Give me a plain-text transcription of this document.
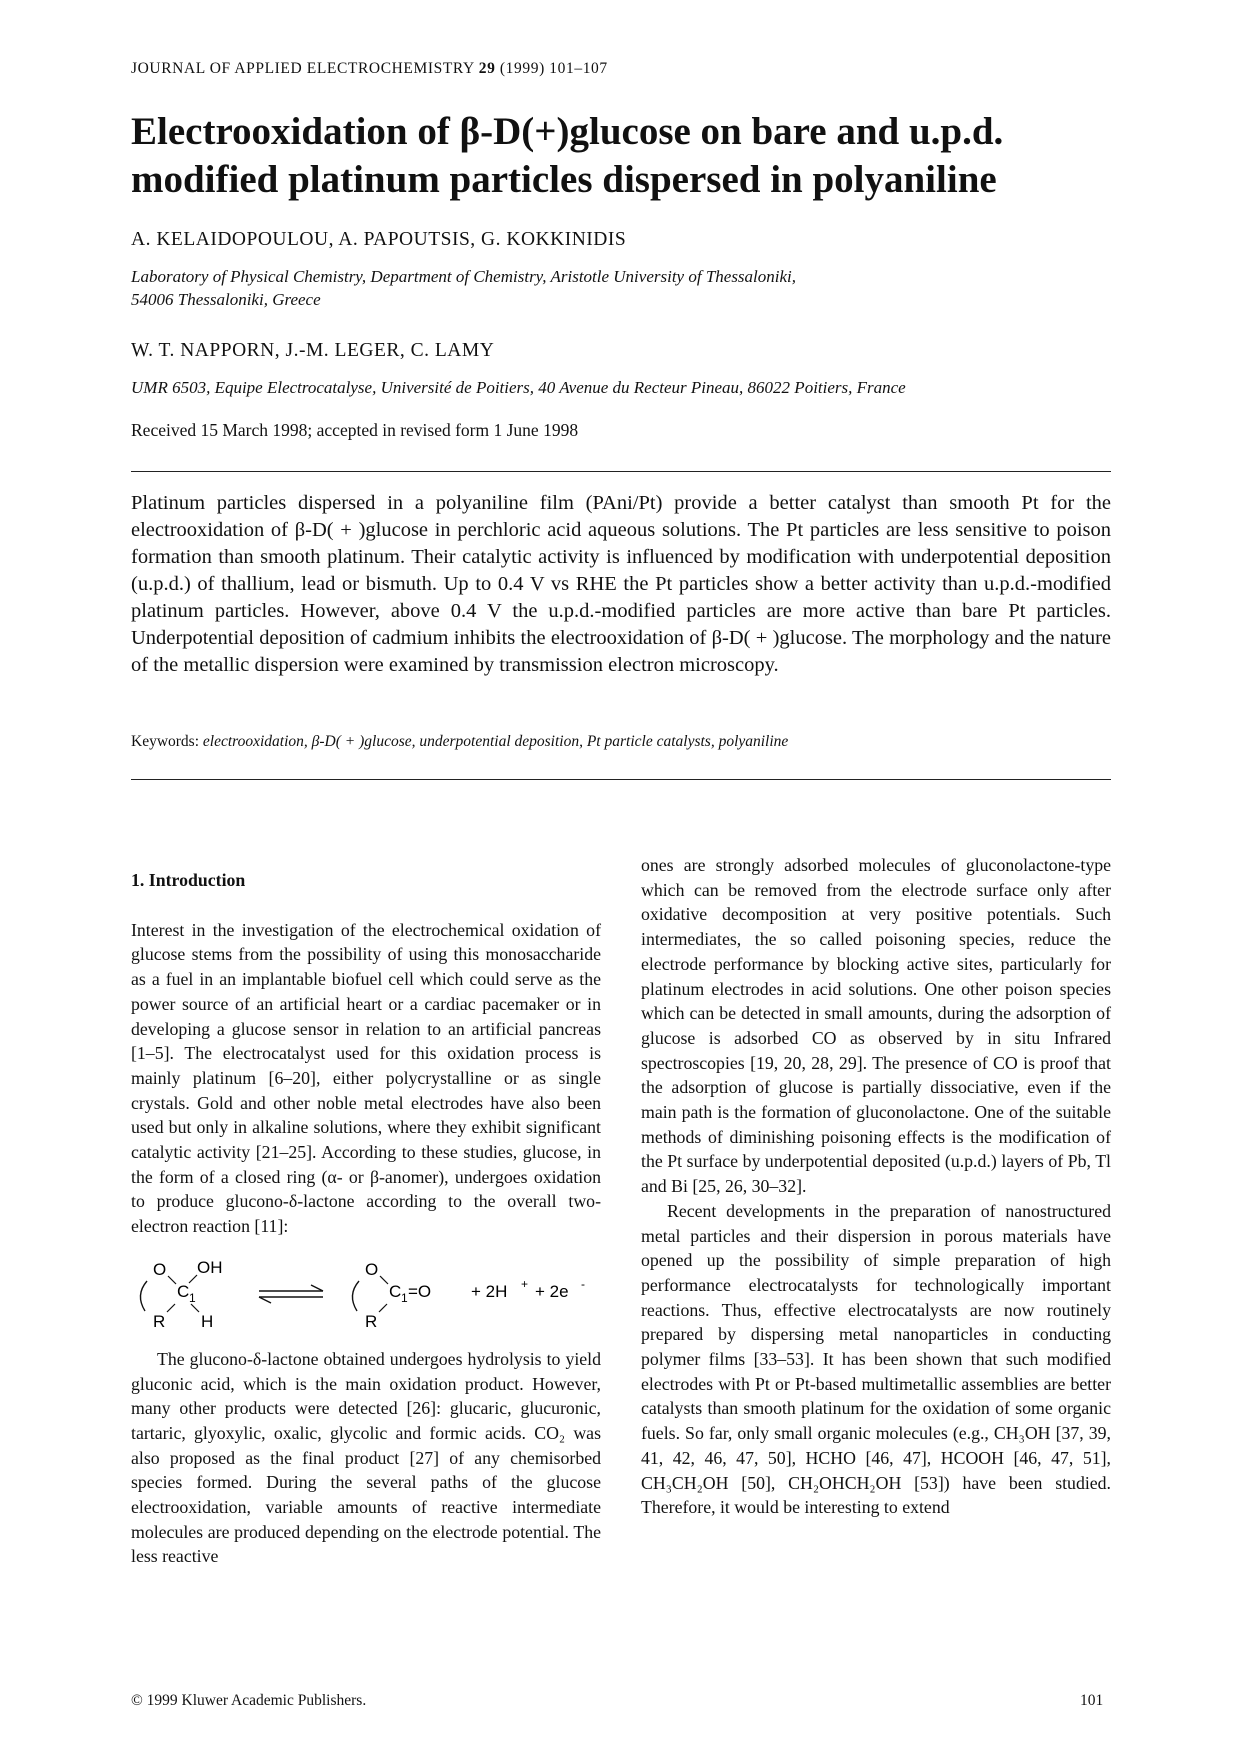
JOURNAL OF APPLIED ELECTROCHEMISTRY 29 (1999) 101–107
Electrooxidation of β-D(+)glucose on bare and u.p.d.
modified platinum particles dispersed in polyaniline
A. KELAIDOPOULOU, A. PAPOUTSIS, G. KOKKINIDIS
Laboratory of Physical Chemistry, Department of Chemistry, Aristotle University of Thessaloniki,
54006 Thessaloniki, Greece
W. T. NAPPORN, J.-M. LEGER, C. LAMY
UMR 6503, Equipe Electrocatalyse, Université de Poitiers, 40 Avenue du Recteur Pineau, 86022 Poitiers, France
Received 15 March 1998; accepted in revised form 1 June 1998
Platinum particles dispersed in a polyaniline film (PAni/Pt) provide a better catalyst than smooth Pt for the electrooxidation of β-D( + )glucose in perchloric acid aqueous solutions. The Pt particles are less sensitive to poison formation than smooth platinum. Their catalytic activity is influenced by modification with underpotential deposition (u.p.d.) of thallium, lead or bismuth. Up to 0.4 V vs RHE the Pt particles show a better activity than u.p.d.-modified platinum particles. However, above 0.4 V the u.p.d.-modified particles are more active than bare Pt particles. Underpotential deposition of cadmium inhibits the electrooxidation of β-D( + )glucose. The morphology and the nature of the metallic dispersion were examined by transmission electron microscopy.
Keywords: electrooxidation, β-D( + )glucose, underpotential deposition, Pt particle catalysts, polyaniline

1. Introduction

Interest in the investigation of the electrochemical oxidation of glucose stems from the possibility of using this monosaccharide as a fuel in an implantable biofuel cell which could serve as the power source of an artificial heart or a cardiac pacemaker or in developing a glucose sensor in relation to an artificial pancreas [1–5]. The electrocatalyst used for this oxidation process is mainly platinum [6–20], either polycrystalline or as single crystals. Gold and other noble metal electrodes have also been used but only in alkaline solutions, where they exhibit significant catalytic activity [21–25]. According to these studies, glucose, in the form of a closed ring (α- or β-anomer), undergoes oxidation to produce glucono-δ-lactone according to the overall two-electron reaction [11]:

O
C 1
OH
R H
O
C 1 =O
R
+ 2H + + 2e -

The glucono-δ-lactone obtained undergoes hydrolysis to yield gluconic acid, which is the main oxidation product. However, many other products were detected [26]: glucaric, glucuronic, tartaric, glyoxylic, oxalic, glycolic and formic acids. CO₂ was also proposed as the final product [27] of any chemisorbed species formed. During the several paths of the glucose electrooxidation, variable amounts of reactive intermediate molecules are produced depending on the electrode potential. The less reactive

ones are strongly adsorbed molecules of gluconolactone-type which can be removed from the electrode surface only after oxidative decomposition at very positive potentials. Such intermediates, the so called poisoning species, reduce the electrode performance by blocking active sites, particularly for platinum electrodes in acid solutions. One other poison species which can be detected in small amounts, during the adsorption of glucose is adsorbed CO as observed by in situ Infrared spectroscopies [19, 20, 28, 29]. The presence of CO is proof that the adsorption of glucose is partially dissociative, even if the main path is the formation of gluconolactone. One of the suitable methods of diminishing poisoning effects is the modification of the Pt surface by underpotential deposited (u.p.d.) layers of Pb, Tl and Bi [25, 26, 30–32].

Recent developments in the preparation of nanostructured metal particles and their dispersion in porous materials have opened up the possibility of simple preparation of high performance electrocatalysts for technologically important reactions. Thus, effective electrocatalysts are now routinely prepared by dispersing metal nanoparticles in conducting polymer films [33–53]. It has been shown that such modified electrodes with Pt or Pt-based multimetallic assemblies are better catalysts than smooth platinum for the oxidation of some organic fuels. So far, only small organic molecules (e.g., CH₃OH [37, 39, 41, 42, 46, 47, 50], HCHO [46, 47], HCOOH [46, 47, 51], CH₃CH₂OH [50], CH₂OHCH₂OH [53]) have been studied. Therefore, it would be interesting to extend

© 1999 Kluwer Academic Publishers.	101
